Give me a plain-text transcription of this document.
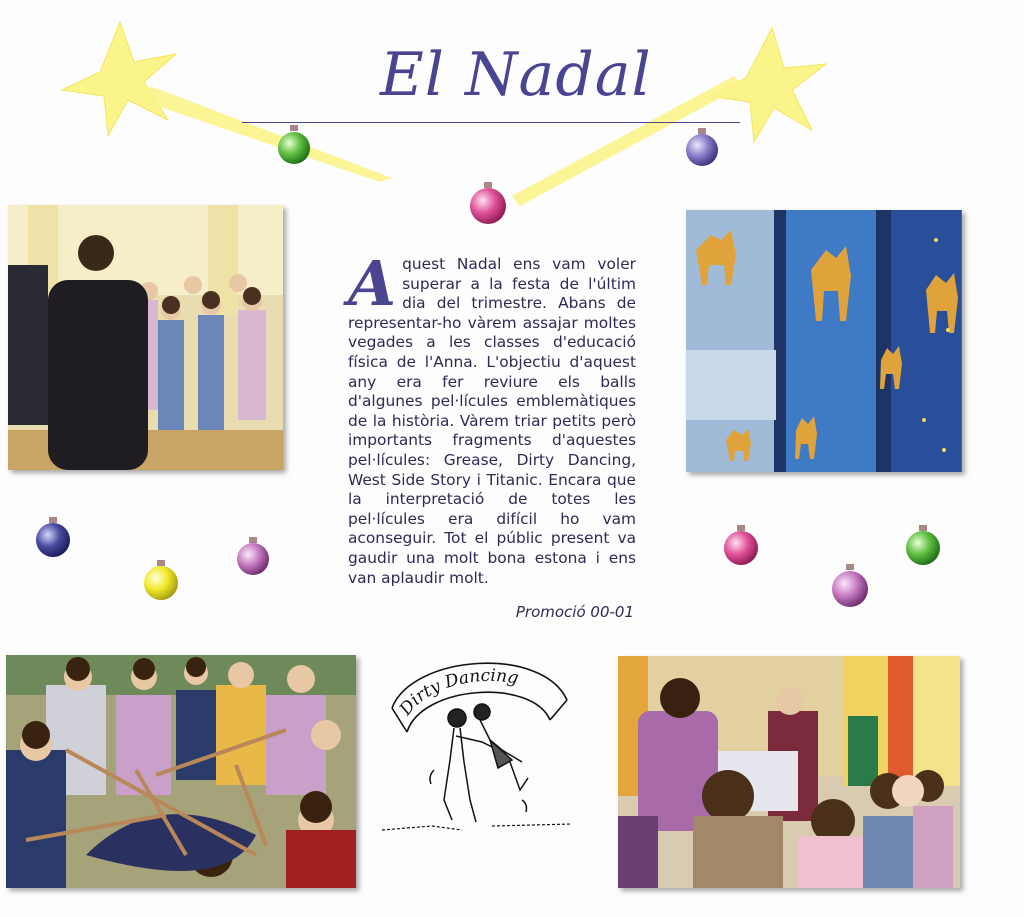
El Nadal
Aquest Nadal ens vam voler superar a la festa de l'últim dia del trimestre. Abans de representar-ho vàrem assajar moltes vegades a les classes d'educació física de l'Anna. L'objectiu d'aquest any era fer reviure els balls d'algunes pel·lícules emblemàtiques de la història. Vàrem triar petits però importants fragments d'aquestes pel·lícules: Grease, Dirty Dancing, West Side Story i Titanic. Encara que la interpretació de totes les pel·lícules era difícil ho vam aconseguir. Tot el públic present va gaudir una molt bona estona i ens van aplaudir molt.
Promoció 00-01
Dirty Dancing
